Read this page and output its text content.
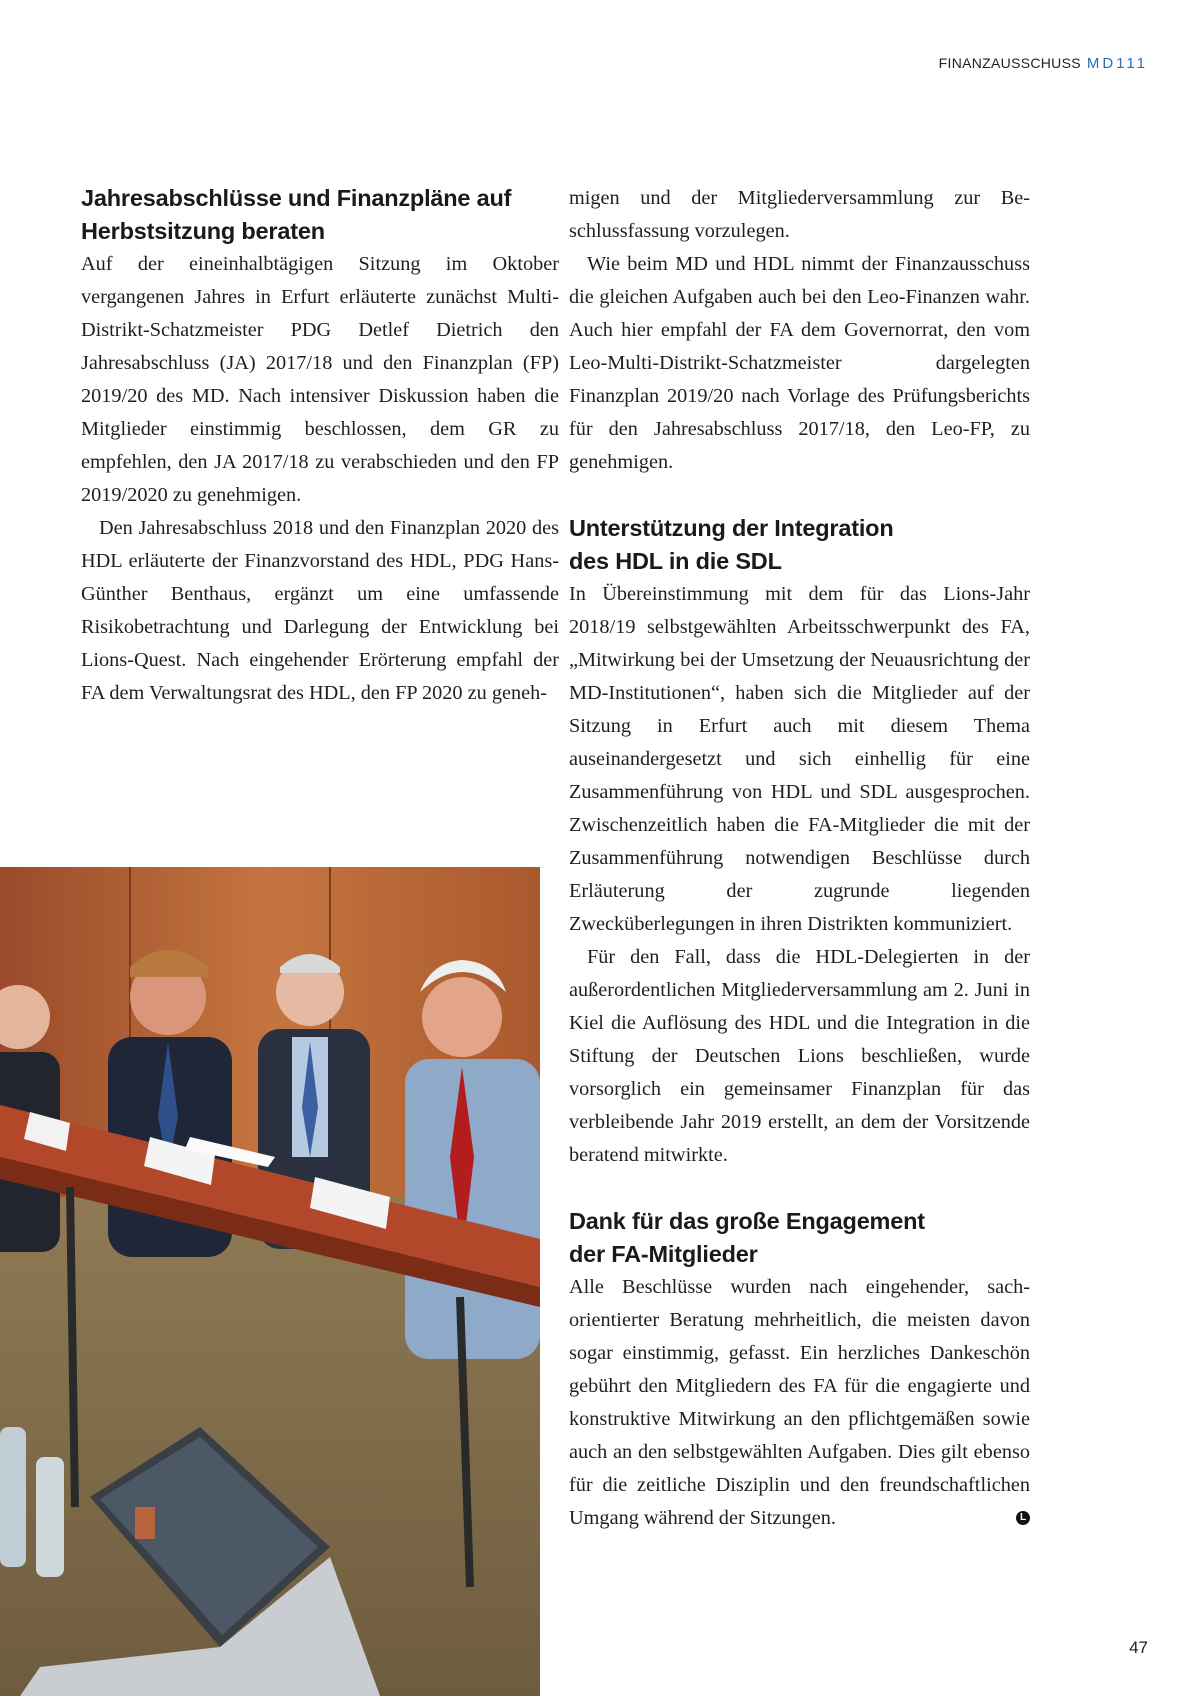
FINANZAUSSCHUSS MD111
Jahresabschlüsse und Finanzpläne auf
Herbstsitzung beraten

Auf der eineinhalbtägigen Sitzung im Oktober vergangenen Jahres in Erfurt erläuterte zunächst Multi-Distrikt-Schatzmeister PDG Detlef Dietrich den Jahresabschluss (JA) 2017/18 und den Finanzplan (FP) 2019/20 des MD. Nach intensiver Diskussion haben die Mitglieder einstimmig beschlossen, dem GR zu empfehlen, den JA 2017/18 zu verabschieden und den FP 2019/2020 zu genehmigen.

Den Jahresabschluss 2018 und den Finanzplan 2020 des HDL erläuterte der Finanzvorstand des HDL, PDG Hans-Günther Benthaus, ergänzt um eine umfassende Risikobetrachtung und Darlegung der Entwicklung bei Lions-Quest. Nach eingehender Erörterung empfahl der FA dem Verwaltungsrat des HDL, den FP 2020 zu geneh-

migen und der Mitgliederversammlung zur Beschlussfassung vorzulegen.

Wie beim MD und HDL nimmt der Finanzausschuss die gleichen Aufgaben auch bei den Leo-Finanzen wahr. Auch hier empfahl der FA dem Governorrat, den vom Leo-Multi-Distrikt-Schatzmeister dargelegten Finanzplan 2019/20 nach Vorlage des Prüfungsberichts für den Jahresabschluss 2017/18, den Leo-FP, zu genehmigen.

Unterstützung der Integration
des HDL in die SDL

In Übereinstimmung mit dem für das Lions-Jahr 2018/19 selbstgewählten Arbeitsschwerpunkt des FA, „Mitwirkung bei der Umsetzung der Neuausrichtung der MD-Institutionen“, haben sich die Mitglieder auf der Sitzung in Erfurt auch mit diesem Thema auseinandergesetzt und sich einhellig für eine Zusammenführung von HDL und SDL ausgesprochen. Zwischenzeitlich haben die FA-Mitglieder die mit der Zusammenführung notwendigen Beschlüsse durch Erläuterung der zugrunde liegenden Zwecküberlegungen in ihren Distrikten kommuniziert.

Für den Fall, dass die HDL-Delegierten in der außerordentlichen Mitgliederversammlung am 2. Juni in Kiel die Auflösung des HDL und die Integration in die Stiftung der Deutschen Lions beschließen, wurde vorsorglich ein gemeinsamer Finanzplan für das verbleibende Jahr 2019 erstellt, an dem der Vorsitzende beratend mitwirkte.

Dank für das große Engagement
der FA-Mitglieder

Alle Beschlüsse wurden nach eingehender, sachorientierter Beratung mehrheitlich, die meisten davon sogar einstimmig, gefasst. Ein herzliches Dankeschön gebührt den Mitgliedern des FA für die engagierte und konstruktive Mitwirkung an den pflichtgemäßen sowie auch an den selbstgewählten Aufgaben. Dies gilt ebenso für die zeitliche Disziplin und den freundschaftlichen Umgang während der Sitzungen.	L

47
